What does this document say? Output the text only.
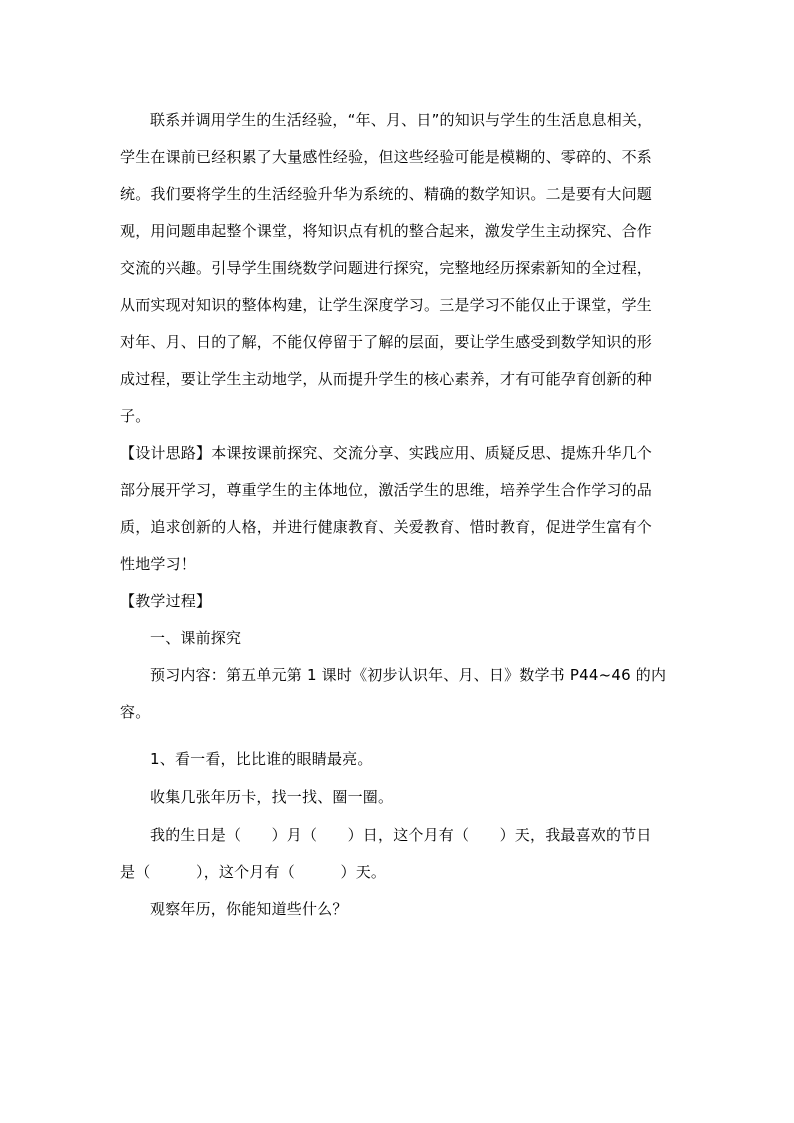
联系并调用学生的生活经验，“年、月、日”的知识与学生的生活息息相关，
学生在课前已经积累了大量感性经验，但这些经验可能是模糊的、零碎的、不系
统。我们要将学生的生活经验升华为系统的、精确的数学知识。二是要有大问题
观，用问题串起整个课堂，将知识点有机的整合起来，激发学生主动探究、合作
交流的兴趣。引导学生围绕数学问题进行探究，完整地经历探索新知的全过程，
从而实现对知识的整体构建，让学生深度学习。三是学习不能仅止于课堂，学生
对年、月、日的了解，不能仅停留于了解的层面，要让学生感受到数学知识的形
成过程，要让学生主动地学，从而提升学生的核心素养，才有可能孕育创新的种
子。
【设计思路】本课按课前探究、交流分享、实践应用、质疑反思、提炼升华几个
部分展开学习，尊重学生的主体地位，激活学生的思维，培养学生合作学习的品
质，追求创新的人格，并进行健康教育、关爱教育、惜时教育，促进学生富有个
性地学习！
【教学过程】
一、课前探究
预习内容：第五单元第 1 课时《初步认识年、月、日》数学书 P44~46 的内
容。
1、看一看，比比谁的眼睛最亮。
收集几张年历卡，找一找、圈一圈。
我的生日是（　　）月（　　）日，这个月有（　　）天，我最喜欢的节日
是（　　　），这个月有（　　　）天。
观察年历，你能知道些什么？
